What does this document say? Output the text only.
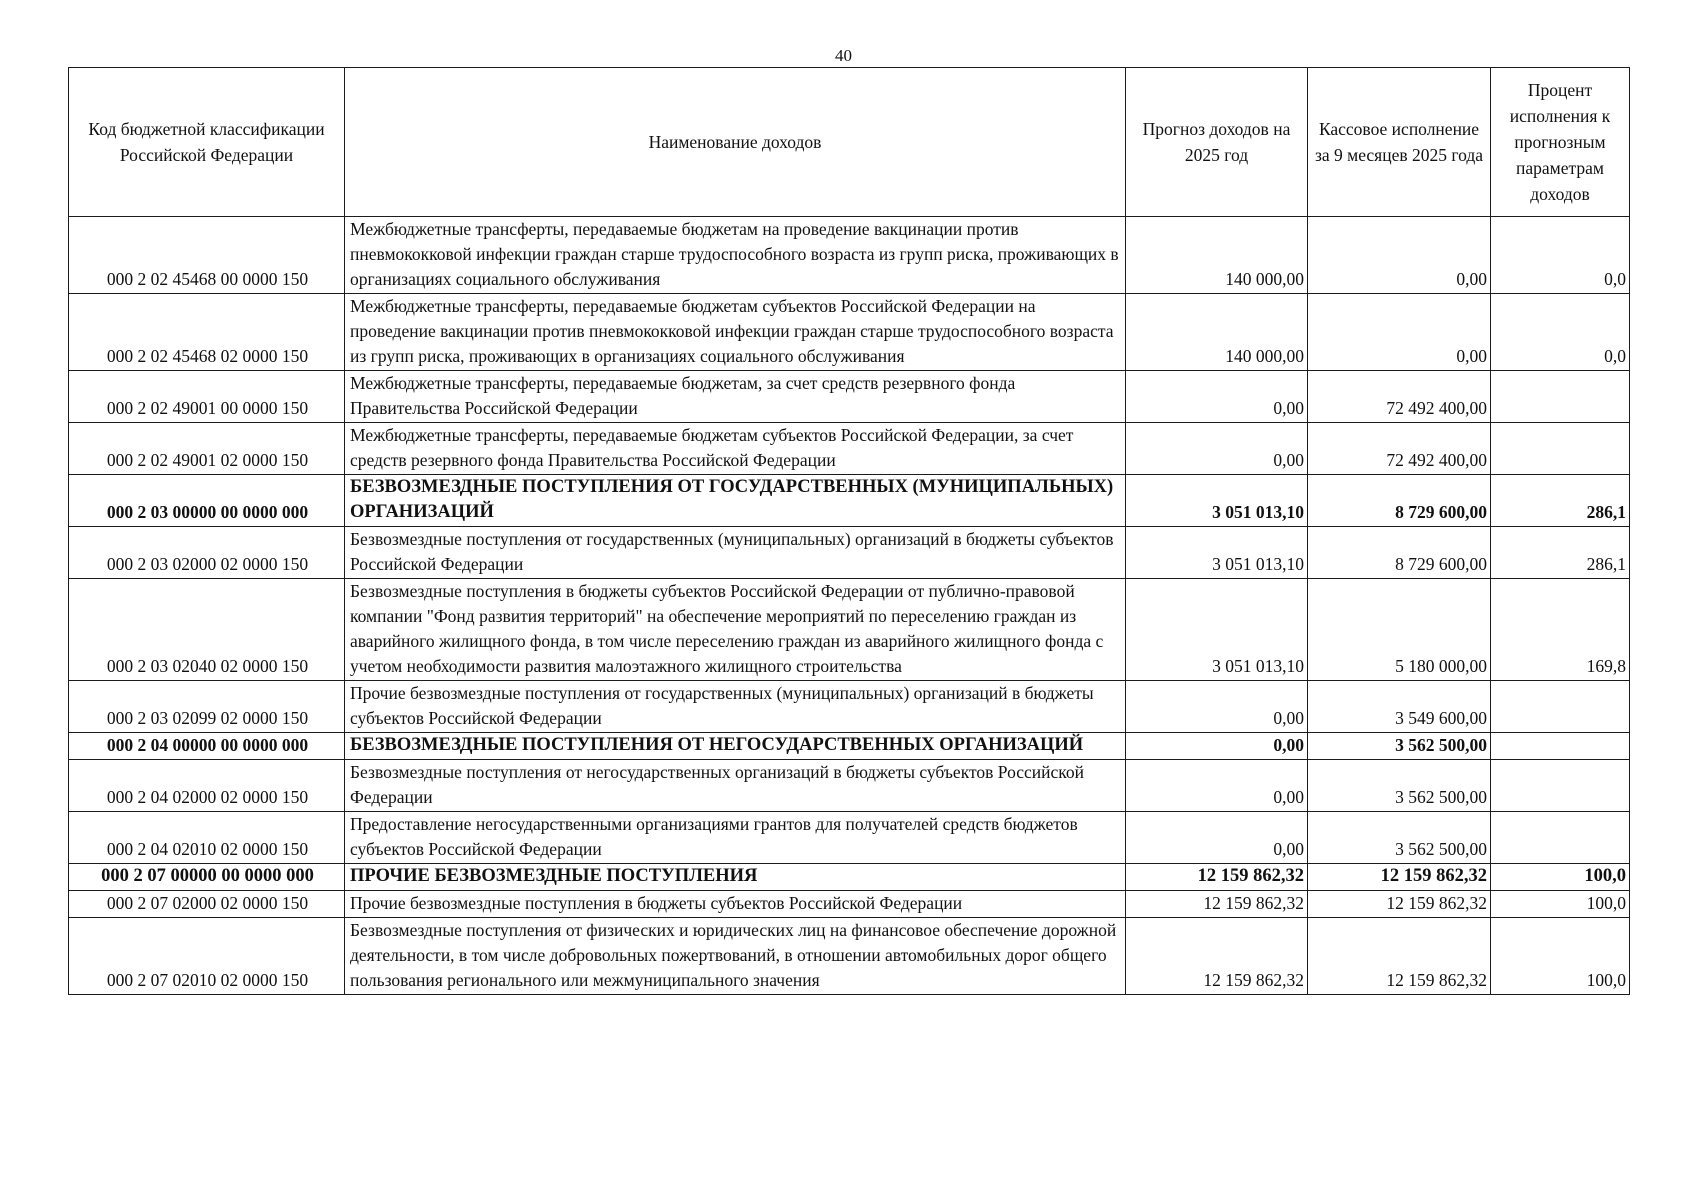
40
Код бюджетной классификации Российской Федерации	Наименование доходов	Прогноз доходов на 2025 год	Кассовое исполнение за 9 месяцев 2025 года	Процент исполнения к прогнозным параметрам доходов
000 2 02 45468 00 0000 150	Межбюджетные трансферты, передаваемые бюджетам на проведение вакцинации против пневмококковой инфекции граждан старше трудоспособного возраста из групп риска, проживающих в организациях социального обслуживания	140 000,00	0,00	0,0
000 2 02 45468 02 0000 150	Межбюджетные трансферты, передаваемые бюджетам субъектов Российской Федерации на проведение вакцинации против пневмококковой инфекции граждан старше трудоспособного возраста из групп риска, проживающих в организациях социального обслуживания	140 000,00	0,00	0,0
000 2 02 49001 00 0000 150	Межбюджетные трансферты, передаваемые бюджетам, за счет средств резервного фонда Правительства Российской Федерации	0,00	72 492 400,00	
000 2 02 49001 02 0000 150	Межбюджетные трансферты, передаваемые бюджетам субъектов Российской Федерации, за счет средств резервного фонда Правительства Российской Федерации	0,00	72 492 400,00	
000 2 03 00000 00 0000 000	БЕЗВОЗМЕЗДНЫЕ ПОСТУПЛЕНИЯ ОТ ГОСУДАРСТВЕННЫХ (МУНИЦИПАЛЬНЫХ) ОРГАНИЗАЦИЙ	3 051 013,10	8 729 600,00	286,1
000 2 03 02000 02 0000 150	Безвозмездные поступления от государственных (муниципальных) организаций в бюджеты субъектов Российской Федерации	3 051 013,10	8 729 600,00	286,1
000 2 03 02040 02 0000 150	Безвозмездные поступления в бюджеты субъектов Российской Федерации от публично-правовой компании "Фонд развития территорий" на обеспечение мероприятий по переселению граждан из аварийного жилищного фонда, в том числе переселению граждан из аварийного жилищного фонда с учетом необходимости развития малоэтажного жилищного строительства	3 051 013,10	5 180 000,00	169,8
000 2 03 02099 02 0000 150	Прочие безвозмездные поступления от государственных (муниципальных) организаций в бюджеты субъектов Российской Федерации	0,00	3 549 600,00	
000 2 04 00000 00 0000 000	БЕЗВОЗМЕЗДНЫЕ ПОСТУПЛЕНИЯ ОТ НЕГОСУДАРСТВЕННЫХ ОРГАНИЗАЦИЙ	0,00	3 562 500,00	
000 2 04 02000 02 0000 150	Безвозмездные поступления от негосударственных организаций в бюджеты субъектов Российской Федерации	0,00	3 562 500,00	
000 2 04 02010 02 0000 150	Предоставление негосударственными организациями грантов для получателей средств бюджетов субъектов Российской Федерации	0,00	3 562 500,00	
000 2 07 00000 00 0000 000	ПРОЧИЕ БЕЗВОЗМЕЗДНЫЕ ПОСТУПЛЕНИЯ	12 159 862,32	12 159 862,32	100,0
000 2 07 02000 02 0000 150	Прочие безвозмездные поступления в бюджеты субъектов Российской Федерации	12 159 862,32	12 159 862,32	100,0
000 2 07 02010 02 0000 150	Безвозмездные поступления от физических и юридических лиц на финансовое обеспечение дорожной деятельности, в том числе добровольных пожертвований, в отношении автомобильных дорог общего пользования регионального или межмуниципального значения	12 159 862,32	12 159 862,32	100,0
